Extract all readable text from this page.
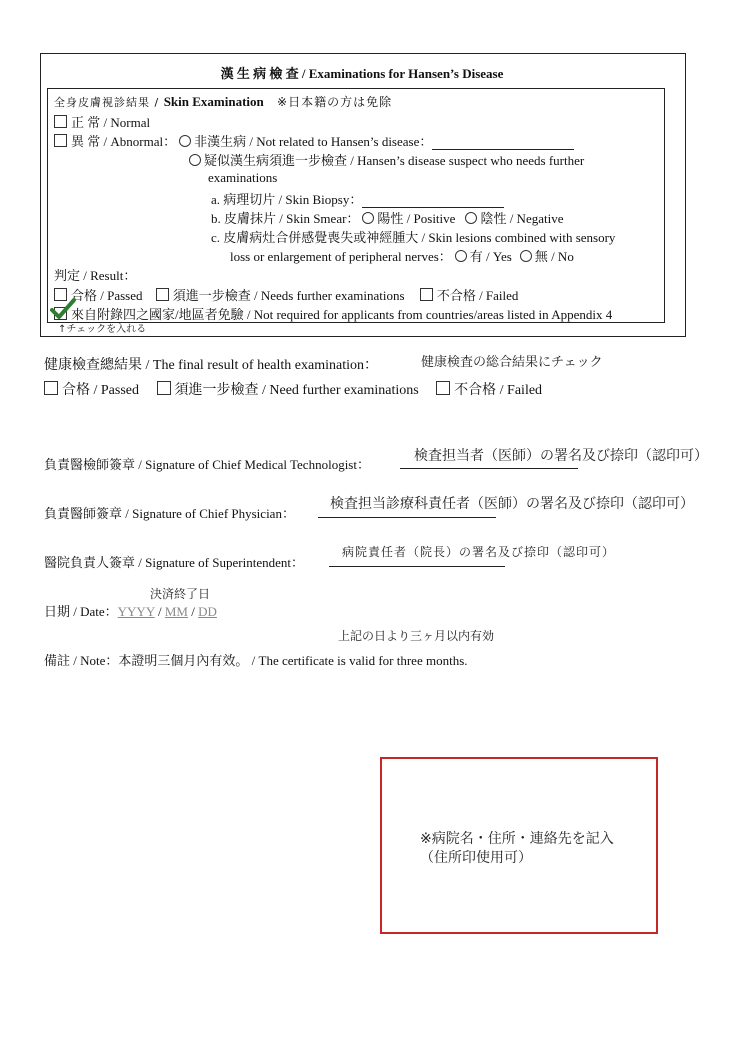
漢 生 病 檢 查 / Examinations for Hansen’s Disease
全身皮膚視診結果 / Skin Examination ※日本籍の方は免除
正 常 / Normal
異 常 / Abnormal： 非漢生病 / Not related to Hansen’s disease：
疑似漢生病須進一步檢查 / Hansen’s disease suspect who needs further
examinations
a. 病理切片 / Skin Biopsy：
b. 皮膚抹片 / Skin Smear： 陽性 / Positive 陰性 / Negative
c. 皮膚病灶合併感覺喪失或神經腫大 / Skin lesions combined with sensory
loss or enlargement of peripheral nerves： 有 / Yes 無 / No
判定 / Result：
合格 / Passed 須進一步檢查 / Needs further examinations 不合格 / Failed
來自附錄四之國家/地區者免驗 / Not required for applicants from countries/areas listed in Appendix 4
↑チェックを入れる
健康檢查總結果 / The final result of health examination：	健康検査の総合結果にチェック
合格 / Passed	須進一步檢查 / Need further examinations	不合格 / Failed
負責醫檢師簽章 / Signature of Chief Medical Technologist：
検査担当者（医師）の署名及び捺印（認印可）
負責醫師簽章 / Signature of Chief Physician：
検査担当診療科責任者（医師）の署名及び捺印（認印可）
醫院負責人簽章 / Signature of Superintendent：
病院責任者（院長）の署名及び捺印（認印可）
決済終了日
日期 / Date：YYYY / MM / DD
上記の日より三ヶ月以内有効
備註 / Note：本證明三個月內有效。 / The certificate is valid for three months.
※病院名・住所・連絡先を記入
（住所印使用可）
